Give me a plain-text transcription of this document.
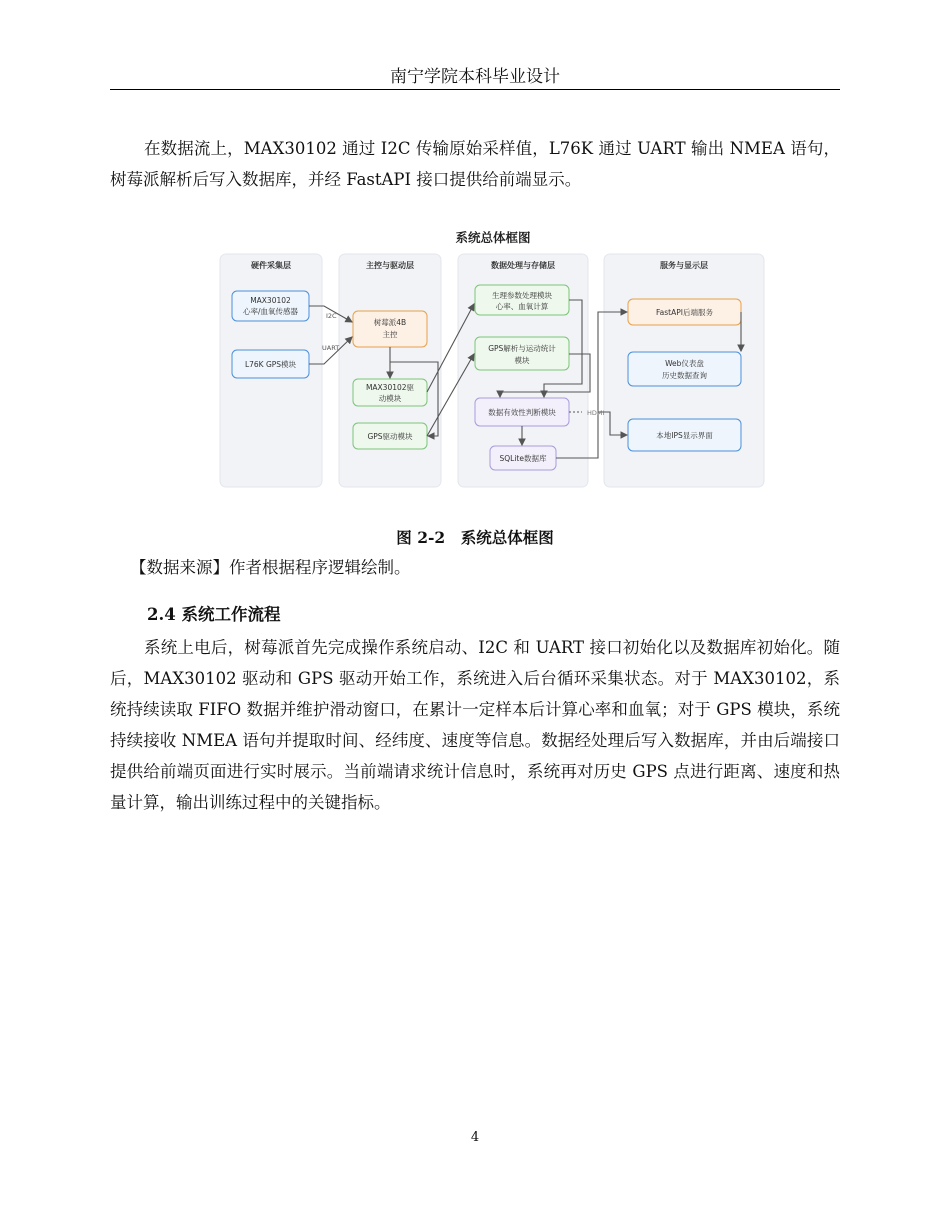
南宁学院本科毕业设计

在数据流上，MAX30102 通过 I2C 传输原始采样值，L76K 通过 UART 输出 NMEA 语句，树莓派解析后写入数据库，并经 FastAPI 接口提供给前端显示。

系统总体框图
硬件采集层	主控与驱动层	数据处理与存储层	服务与显示层
MAX30102
心率/血氧传感器
L76K GPS模块
树莓派4B
主控
MAX30102驱
动模块
GPS驱动模块
生理参数处理模块
心率、血氧计算
GPS解析与运动统计
模块
数据有效性判断模块
SQLite数据库
FastAPI后端服务
Web仪表盘
历史数据查询
本地IPS显示界面
I2C
UART
HDMI
图 2-2　系统总体框图
【数据来源】作者根据程序逻辑绘制。
2.4 系统工作流程

系统上电后，树莓派首先完成操作系统启动、I2C 和 UART 接口初始化以及数据库初始化。随后，MAX30102 驱动和 GPS 驱动开始工作，系统进入后台循环采集状态。对于 MAX30102，系统持续读取 FIFO 数据并维护滑动窗口，在累计一定样本后计算心率和血氧；对于 GPS 模块，系统持续接收 NMEA 语句并提取时间、经纬度、速度等信息。数据经处理后写入数据库，并由后端接口提供给前端页面进行实时展示。当前端请求统计信息时，系统再对历史 GPS 点进行距离、速度和热量计算，输出训练过程中的关键指标。

4
